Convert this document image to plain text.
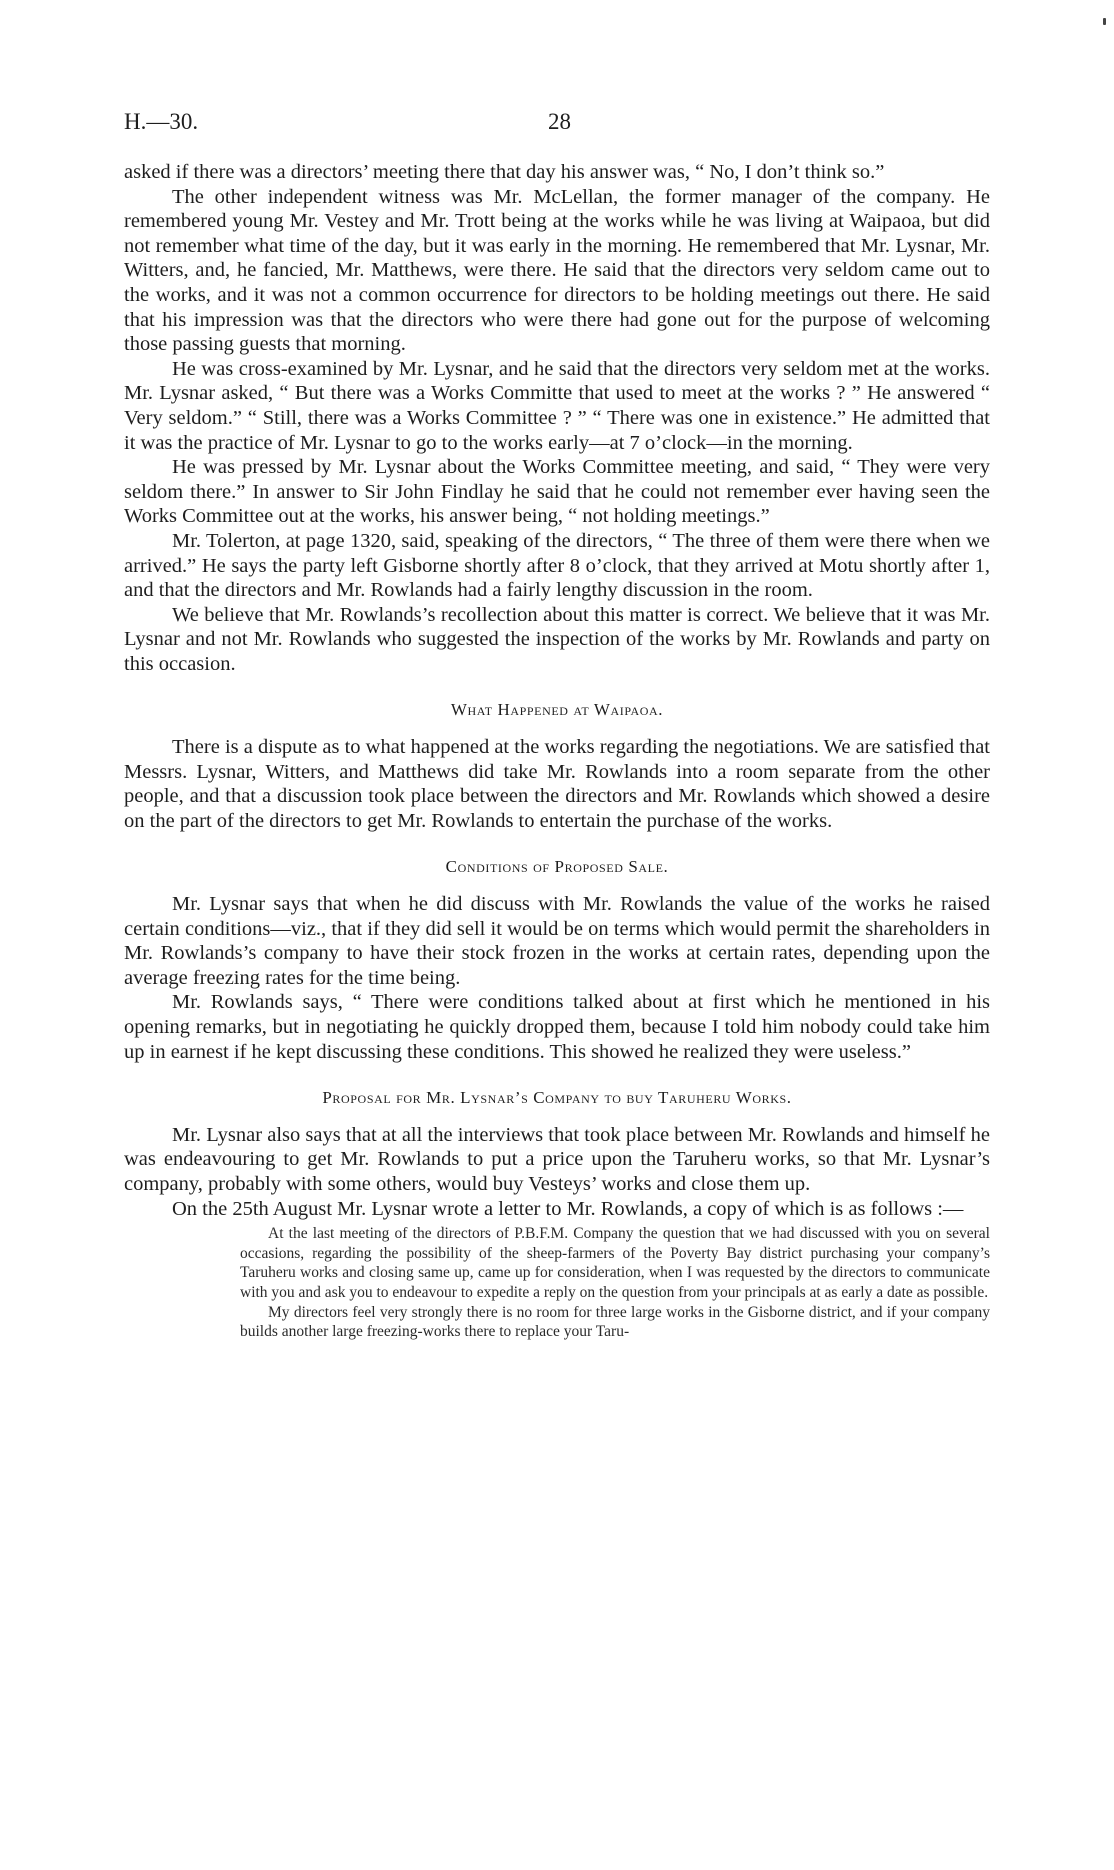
H.—30.	28

asked if there was a directors’ meeting there that day his answer was, “ No, I don’t think so.”

The other independent witness was Mr. McLellan, the former manager of the company. He remembered young Mr. Vestey and Mr. Trott being at the works while he was living at Waipaoa, but did not remember what time of the day, but it was early in the morning. He remembered that Mr. Lysnar, Mr. Witters, and, he fancied, Mr. Matthews, were there. He said that the directors very seldom came out to the works, and it was not a common occurrence for directors to be holding meetings out there. He said that his impression was that the directors who were there had gone out for the purpose of welcoming those passing guests that morning.

He was cross-examined by Mr. Lysnar, and he said that the directors very seldom met at the works. Mr. Lysnar asked, “ But there was a Works Committe that used to meet at the works ? ” He answered “ Very seldom.” “ Still, there was a Works Committee ? ” “ There was one in existence.” He admitted that it was the practice of Mr. Lysnar to go to the works early—at 7 o’clock—in the morning.

He was pressed by Mr. Lysnar about the Works Committee meeting, and said, “ They were very seldom there.” In answer to Sir John Findlay he said that he could not remember ever having seen the Works Committee out at the works, his answer being, “ not holding meetings.”

Mr. Tolerton, at page 1320, said, speaking of the directors, “ The three of them were there when we arrived.” He says the party left Gisborne shortly after 8 o’clock, that they arrived at Motu shortly after 1, and that the directors and Mr. Rowlands had a fairly lengthy discussion in the room.

We believe that Mr. Rowlands’s recollection about this matter is correct. We believe that it was Mr. Lysnar and not Mr. Rowlands who suggested the inspection of the works by Mr. Rowlands and party on this occasion.

What Happened at Waipaoa.

There is a dispute as to what happened at the works regarding the negotiations. We are satisfied that Messrs. Lysnar, Witters, and Matthews did take Mr. Rowlands into a room separate from the other people, and that a discussion took place between the directors and Mr. Rowlands which showed a desire on the part of the directors to get Mr. Rowlands to entertain the purchase of the works.

Conditions of Proposed Sale.

Mr. Lysnar says that when he did discuss with Mr. Rowlands the value of the works he raised certain conditions—viz., that if they did sell it would be on terms which would permit the shareholders in Mr. Rowlands’s company to have their stock frozen in the works at certain rates, depending upon the average freezing rates for the time being.

Mr. Rowlands says, “ There were conditions talked about at first which he mentioned in his opening remarks, but in negotiating he quickly dropped them, because I told him nobody could take him up in earnest if he kept discussing these conditions. This showed he realized they were useless.”

Proposal for Mr. Lysnar’s Company to buy Taruheru Works.

Mr. Lysnar also says that at all the interviews that took place between Mr. Rowlands and himself he was endeavouring to get Mr. Rowlands to put a price upon the Taruheru works, so that Mr. Lysnar’s company, probably with some others, would buy Vesteys’ works and close them up.

On the 25th August Mr. Lysnar wrote a letter to Mr. Rowlands, a copy of which is as follows :—

At the last meeting of the directors of P.B.F.M. Company the question that we had discussed with you on several occasions, regarding the possibility of the sheep-farmers of the Poverty Bay district purchasing your company’s Taruheru works and closing same up, came up for consideration, when I was requested by the directors to communicate with you and ask you to endeavour to expedite a reply on the question from your principals at as early a date as possible.

My directors feel very strongly there is no room for three large works in the Gisborne district, and if your company builds another large freezing-works there to replace your Taru-
